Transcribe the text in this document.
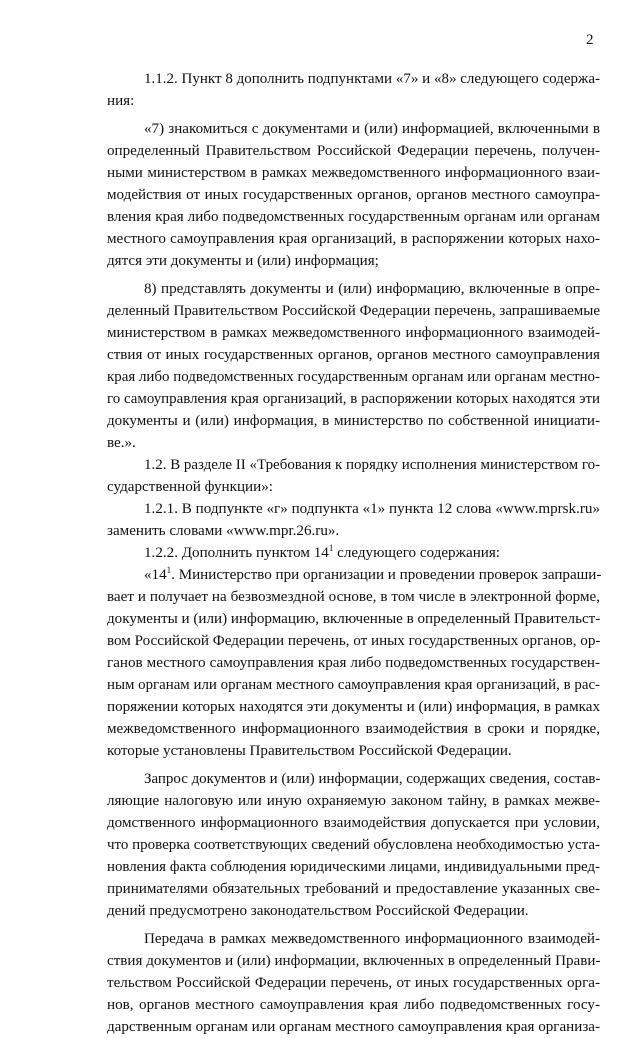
2
1.1.2. Пункт 8 дополнить подпунктами «7» и «8» следующего содержа-
ния:
«7) знакомиться с документами и (или) информацией, включенными в
определенный Правительством Российской Федерации перечень, получен-
ными министерством в рамках межведомственного информационного взаи-
модействия от иных государственных органов, органов местного самоупра-
вления края либо подведомственных государственным органам или органам
местного самоуправления края организаций, в распоряжении которых нахо-
дятся эти документы и (или) информация;
8) представлять документы и (или) информацию, включенные в опре-
деленный Правительством Российской Федерации перечень, запрашиваемые
министерством в рамках межведомственного информационного взаимодей-
ствия от иных государственных органов, органов местного самоуправления
края либо подведомственных государственным органам или органам местно-
го самоуправления края организаций, в распоряжении которых находятся эти
документы и (или) информация, в министерство по собственной инициати-
ве.».
1.2. В разделе II «Требования к порядку исполнения министерством го-
сударственной функции»:
1.2.1. В подпункте «г» подпункта «1» пункта 12 слова «www.mprsk.ru»
заменить словами «www.mpr.26.ru».
1.2.2. Дополнить пунктом $14^1$ следующего содержания:
«$14^1$. Министерство при организации и проведении проверок запраши-
вает и получает на безвозмездной основе, в том числе в электронной форме,
документы и (или) информацию, включенные в определенный Правительст-
вом Российской Федерации перечень, от иных государственных органов, ор-
ганов местного самоуправления края либо подведомственных государствен-
ным органам или органам местного самоуправления края организаций, в рас-
поряжении которых находятся эти документы и (или) информация, в рамках
межведомственного информационного взаимодействия в сроки и порядке,
которые установлены Правительством Российской Федерации.
Запрос документов и (или) информации, содержащих сведения, состав-
ляющие налоговую или иную охраняемую законом тайну, в рамках межве-
домственного информационного взаимодействия допускается при условии,
что проверка соответствующих сведений обусловлена необходимостью уста-
новления факта соблюдения юридическими лицами, индивидуальными пред-
принимателями обязательных требований и предоставление указанных све-
дений предусмотрено законодательством Российской Федерации.
Передача в рамках межведомственного информационного взаимодей-
ствия документов и (или) информации, включенных в определенный Прави-
тельством Российской Федерации перечень, от иных государственных орга-
нов, органов местного самоуправления края либо подведомственных госу-
дарственным органам или органам местного самоуправления края организа-
